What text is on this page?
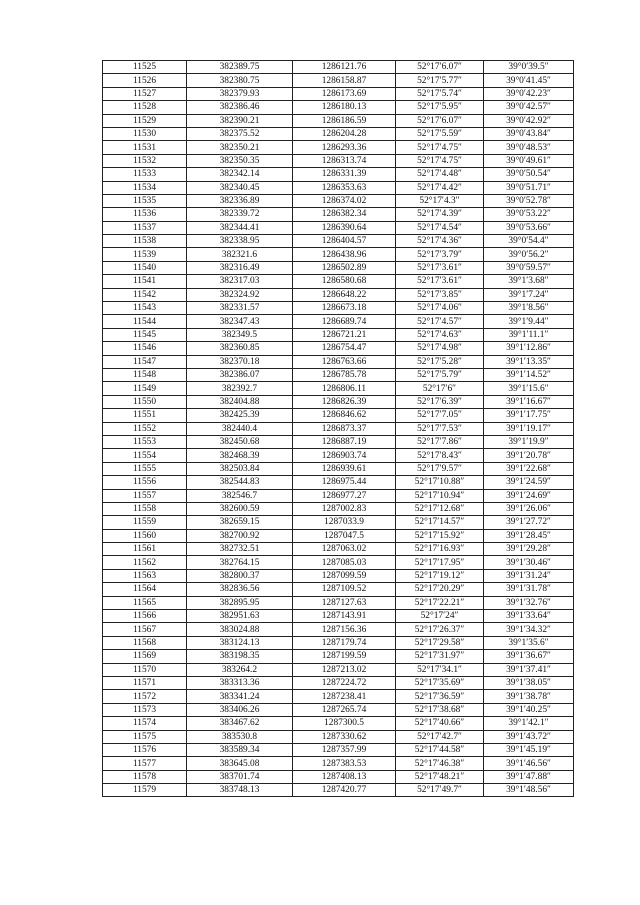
11525	382389.75	1286121.76	52°17′6.07″	39°0′39.5″
11526	382380.75	1286158.87	52°17′5.77″	39°0′41.45″
11527	382379.93	1286173.69	52°17′5.74″	39°0′42.23″
11528	382386.46	1286180.13	52°17′5.95″	39°0′42.57″
11529	382390.21	1286186.59	52°17′6.07″	39°0′42.92″
11530	382375.52	1286204.28	52°17′5.59″	39°0′43.84″
11531	382350.21	1286293.36	52°17′4.75″	39°0′48.53″
11532	382350.35	1286313.74	52°17′4.75″	39°0′49.61″
11533	382342.14	1286331.39	52°17′4.48″	39°0′50.54″
11534	382340.45	1286353.63	52°17′4.42″	39°0′51.71″
11535	382336.89	1286374.02	52°17′4.3″	39°0′52.78″
11536	382339.72	1286382.34	52°17′4.39″	39°0′53.22″
11537	382344.41	1286390.64	52°17′4.54″	39°0′53.66″
11538	382338.95	1286404.57	52°17′4.36″	39°0′54.4″
11539	382321.6	1286438.96	52°17′3.79″	39°0′56.2″
11540	382316.49	1286502.89	52°17′3.61″	39°0′59.57″
11541	382317.03	1286580.68	52°17′3.61″	39°1′3.68″
11542	382324.92	1286648.22	52°17′3.85″	39°1′7.24″
11543	382331.57	1286673.18	52°17′4.06″	39°1′8.56″
11544	382347.43	1286689.74	52°17′4.57″	39°1′9.44″
11545	382349.5	1286721.21	52°17′4.63″	39°1′11.1″
11546	382360.85	1286754.47	52°17′4.98″	39°1′12.86″
11547	382370.18	1286763.66	52°17′5.28″	39°1′13.35″
11548	382386.07	1286785.78	52°17′5.79″	39°1′14.52″
11549	382392.7	1286806.11	52°17′6″	39°1′15.6″
11550	382404.88	1286826.39	52°17′6.39″	39°1′16.67″
11551	382425.39	1286846.62	52°17′7.05″	39°1′17.75″
11552	382440.4	1286873.37	52°17′7.53″	39°1′19.17″
11553	382450.68	1286887.19	52°17′7.86″	39°1′19.9″
11554	382468.39	1286903.74	52°17′8.43″	39°1′20.78″
11555	382503.84	1286939.61	52°17′9.57″	39°1′22.68″
11556	382544.83	1286975.44	52°17′10.88″	39°1′24.59″
11557	382546.7	1286977.27	52°17′10.94″	39°1′24.69″
11558	382600.59	1287002.83	52°17′12.68″	39°1′26.06″
11559	382659.15	1287033.9	52°17′14.57″	39°1′27.72″
11560	382700.92	1287047.5	52°17′15.92″	39°1′28.45″
11561	382732.51	1287063.02	52°17′16.93″	39°1′29.28″
11562	382764.15	1287085.03	52°17′17.95″	39°1′30.46″
11563	382800.37	1287099.59	52°17′19.12″	39°1′31.24″
11564	382836.56	1287109.52	52°17′20.29″	39°1′31.78″
11565	382895.95	1287127.63	52°17′22.21″	39°1′32.76″
11566	382951.63	1287143.91	52°17′24″	39°1′33.64″
11567	383024.88	1287156.36	52°17′26.37″	39°1′34.32″
11568	383124.13	1287179.74	52°17′29.58″	39°1′35.6″
11569	383198.35	1287199.59	52°17′31.97″	39°1′36.67″
11570	383264.2	1287213.02	52°17′34.1″	39°1′37.41″
11571	383313.36	1287224.72	52°17′35.69″	39°1′38.05″
11572	383341.24	1287238.41	52°17′36.59″	39°1′38.78″
11573	383406.26	1287265.74	52°17′38.68″	39°1′40.25″
11574	383467.62	1287300.5	52°17′40.66″	39°1′42.1″
11575	383530.8	1287330.62	52°17′42.7″	39°1′43.72″
11576	383589.34	1287357.99	52°17′44.58″	39°1′45.19″
11577	383645.08	1287383.53	52°17′46.38″	39°1′46.56″
11578	383701.74	1287408.13	52°17′48.21″	39°1′47.88″
11579	383748.13	1287420.77	52°17′49.7″	39°1′48.56″
